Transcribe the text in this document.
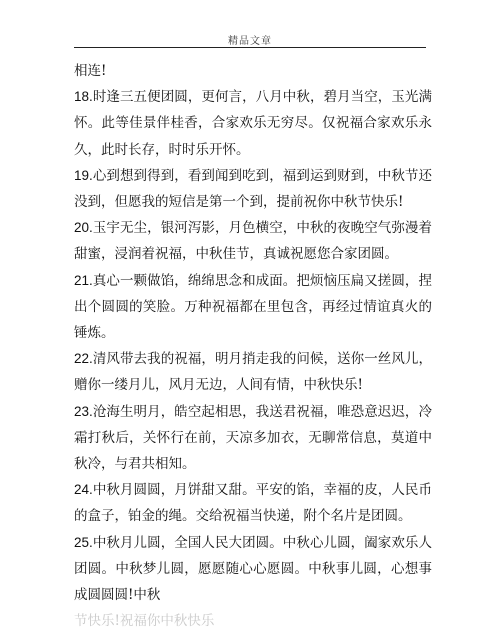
精品文章

相连!

18.时逢三五便团圆，更何言，八月中秋，碧月当空，玉光满怀。此等佳景伴桂香，合家欢乐无穷尽。仅祝福合家欢乐永久，此时长存，时时乐开怀。

19.心到想到得到，看到闻到吃到，福到运到财到，中秋节还没到，但愿我的短信是第一个到，提前祝你中秋节快乐!

20.玉宇无尘，银河泻影，月色横空，中秋的夜晚空气弥漫着甜蜜，浸润着祝福，中秋佳节，真诚祝愿您合家团圆。

21.真心一颗做馅，绵绵思念和成面。把烦恼压扁又搓圆，捏出个圆圆的笑脸。万种祝福都在里包含，再经过情谊真火的锤炼。

22.清风带去我的祝福，明月捎走我的问候，送你一丝风儿，赠你一缕月儿，风月无边，人间有情，中秋快乐!

23.沧海生明月，皓空起相思，我送君祝福，唯恐意迟迟，冷霜打秋后，关怀行在前，天凉多加衣，无聊常信息，莫道中秋冷，与君共相知。

24.中秋月圆圆，月饼甜又甜。平安的馅，幸福的皮，人民币的盒子，铂金的绳。交给祝福当快递，附个名片是团圆。

25.中秋月儿圆，全国人民大团圆。中秋心儿圆，阖家欢乐人团圆。中秋梦儿圆，愿愿随心心愿圆。中秋事儿圆，心想事成圆圆圆!中秋

节快乐!祝福你中秋快乐
